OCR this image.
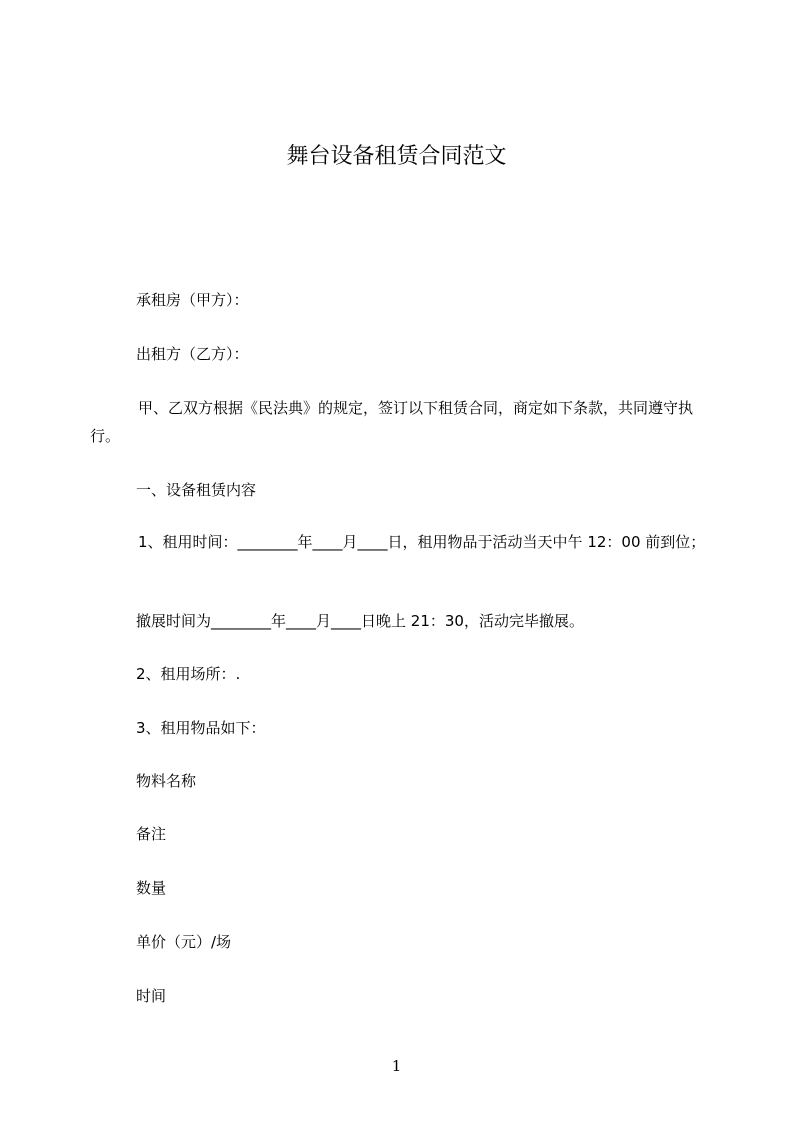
舞台设备租赁合同范文

承租房（甲方）：

出租方（乙方）：

甲、乙双方根据《民法典》的规定，签订以下租赁合同，商定如下条款，共同遵守执行。

一、设备租赁内容

1、租用时间：________年____月____日，租用物品于活动当天中午 12：00 前到位；

撤展时间为________年____月____日晚上 21：30，活动完毕撤展。

2、租用场所：.

3、租用物品如下：

物料名称

备注

数量

单价（元）/场

时间

1
